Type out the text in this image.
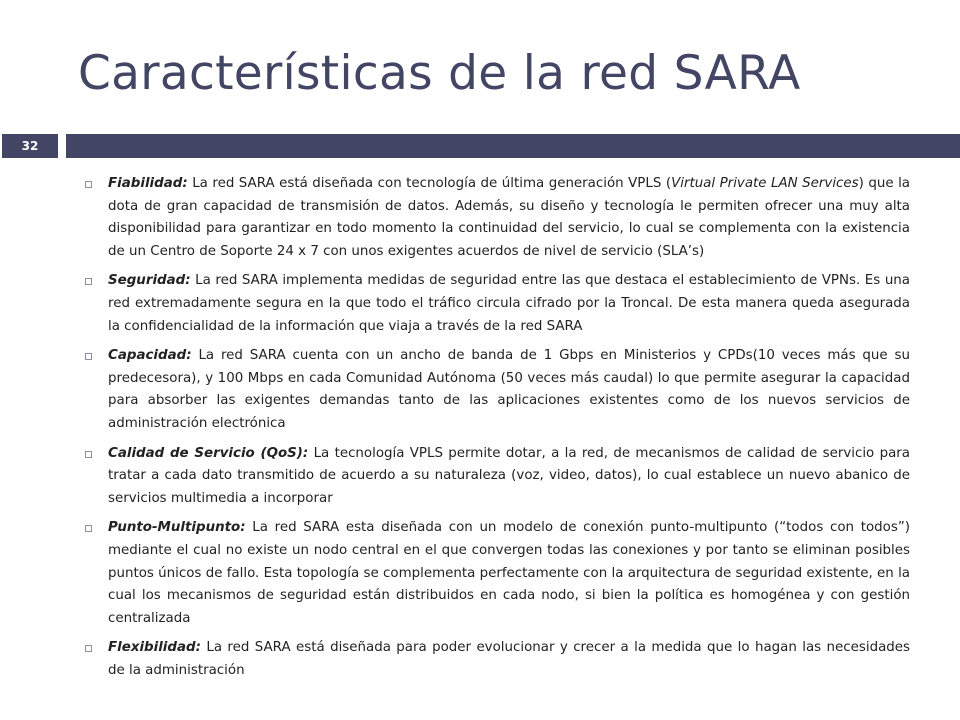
Características de la red SARA
32
Fiabilidad: La red SARA está diseñada con tecnología de última generación VPLS (Virtual Private LAN Services) que la dota de gran capacidad de transmisión de datos. Además, su diseño y tecnología le permiten ofrecer una muy alta disponibilidad para garantizar en todo momento la continuidad del servicio, lo cual se complementa con la existencia de un Centro de Soporte 24 x 7 con unos exigentes acuerdos de nivel de servicio (SLA’s)
Seguridad: La red SARA implementa medidas de seguridad entre las que destaca el establecimiento de VPNs. Es una red extremadamente segura en la que todo el tráfico circula cifrado por la Troncal. De esta manera queda asegurada la confidencialidad de la información que viaja a través de la red SARA
Capacidad: La red SARA cuenta con un ancho de banda de 1 Gbps en Ministerios y CPDs(10 veces más que su predecesora), y 100 Mbps en cada Comunidad Autónoma (50 veces más caudal) lo que permite asegurar la capacidad para absorber las exigentes demandas tanto de las aplicaciones existentes como de los nuevos servicios de administración electrónica
Calidad de Servicio (QoS): La tecnología VPLS permite dotar, a la red, de mecanismos de calidad de servicio para tratar a cada dato transmitido de acuerdo a su naturaleza (voz, video, datos), lo cual establece un nuevo abanico de servicios multimedia a incorporar
Punto-Multipunto: La red SARA esta diseñada con un modelo de conexión punto-multipunto (“todos con todos”) mediante el cual no existe un nodo central en el que convergen todas las conexiones y por tanto se eliminan posibles puntos únicos de fallo. Esta topología se complementa perfectamente con la arquitectura de seguridad existente, en la cual los mecanismos de seguridad están distribuidos en cada nodo, si bien la política es homogénea y con gestión centralizada
Flexibilidad: La red SARA está diseñada para poder evolucionar y crecer a la medida que lo hagan las necesidades de la administración
